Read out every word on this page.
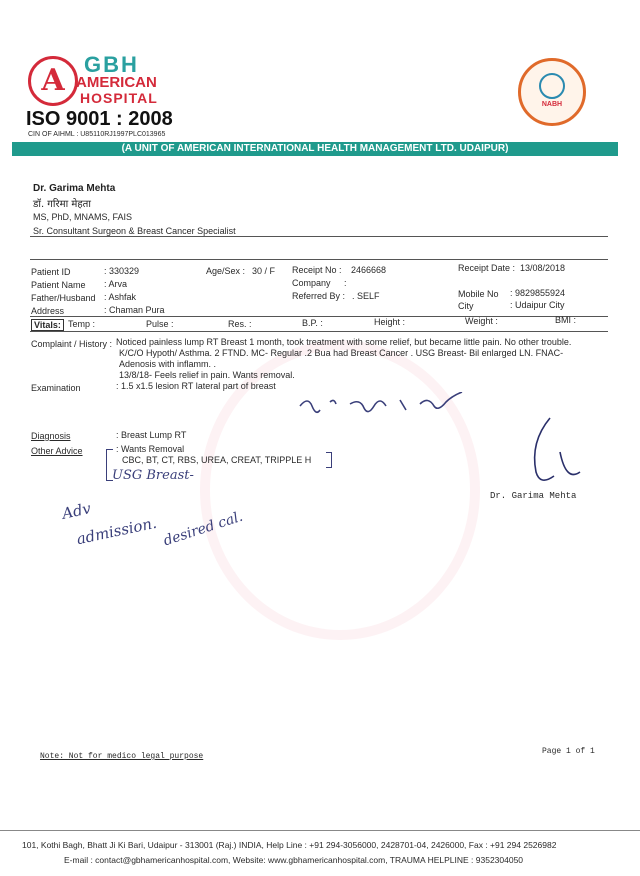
A GBH
AMERICAN
HOSPITAL
ISO 9001 : 2008
CIN OF AIHML : U85110RJ1997PLC013965
NABH
(A UNIT OF AMERICAN INTERNATIONAL HEALTH MANAGEMENT LTD. UDAIPUR)
Dr. Garima Mehta
डॉ. गरिमा मेहता
MS, PhD, MNAMS, FAIS
Sr. Consultant Surgeon & Breast Cancer Specialist
Patient ID	: 330329	Age/Sex : 30 / F Receipt No : 2466668	Receipt Date : 13/08/2018
Patient Name : Arva	Company :
Father/Husband : Ashfak	Referred By : . SELF	Mobile No : 9829855924
Address	: Chaman Pura	City	: Udaipur City
Vitals: Temp :	Pulse :	Res. :	B.P. :	Height :	Weight :	BMI :
Complaint / History : Noticed painless lump RT Breast 1 month, took treatment with some relief, but became little pain. No other trouble.
K/C/O Hypoth/ Asthma. 2 FTND. MC- Regular .2 Bua had Breast Cancer . USG Breast- Bil enlarged LN. FNAC-
Adenosis with inflamm. .
13/8/18- Feels relief in pain. Wants removal.
Examination	: 1.5 x1.5 lesion RT lateral part of breast
Diagnosis	: Breast Lump RT
Other Advice	: Wants Removal
CBC, BT, CT, RBS, UREA, CREAT, TRIPPLE H
USG Breast-
Adv
admission. desired cal.
Dr. Garima Mehta
Note: Not for medico legal purpose
Page 1 of 1
101, Kothi Bagh, Bhatt Ji Ki Bari, Udaipur - 313001 (Raj.) INDIA, Help Line : +91 294-3056000, 2428701-04, 2426000, Fax : +91 294 2526982
E-mail : contact@gbhamericanhospital.com, Website: www.gbhamericanhospital.com, TRAUMA HELPLINE : 9352304050
